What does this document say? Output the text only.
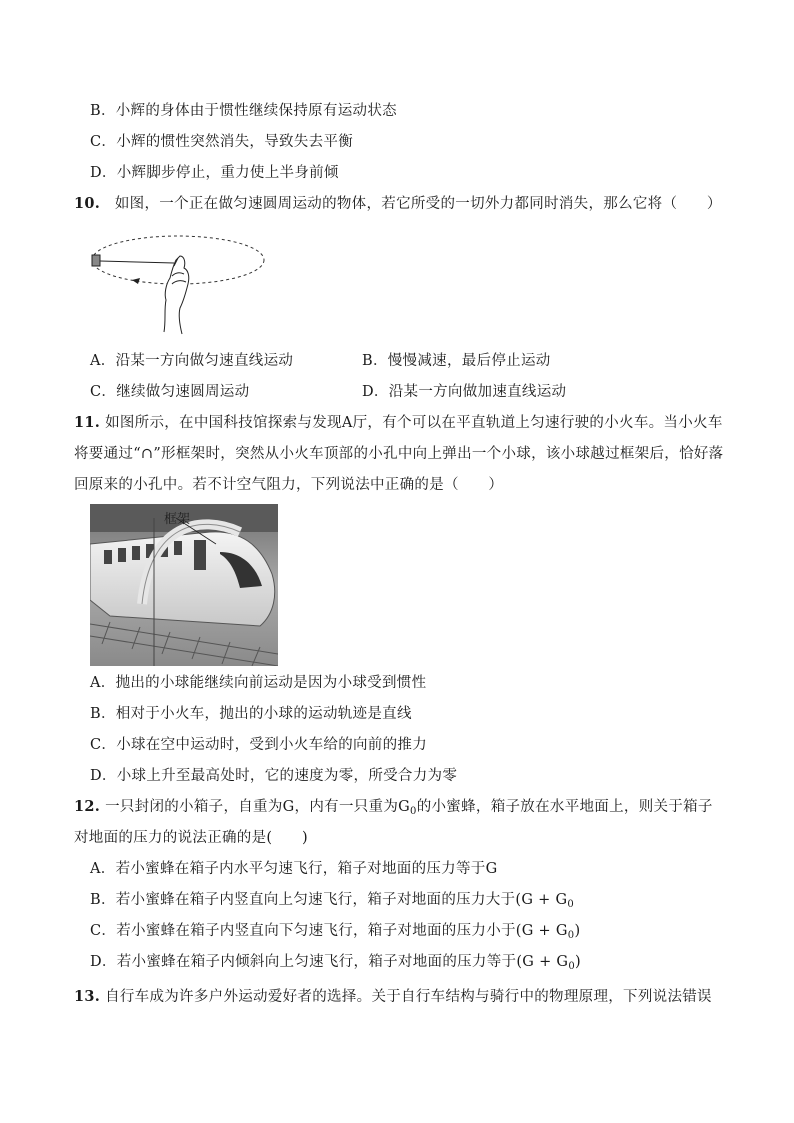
B．小辉的身体由于惯性继续保持原有运动状态
C．小辉的惯性突然消失，导致失去平衡
D．小辉脚步停止，重力使上半身前倾
10. 如图，一个正在做匀速圆周运动的物体，若它所受的一切外力都同时消失，那么它将（　　）
A．沿某一方向做匀速直线运动	B．慢慢减速，最后停止运动
C．继续做匀速圆周运动	D．沿某一方向做加速直线运动
11. 如图所示，在中国科技馆探索与发现A厅，有个可以在平直轨道上匀速行驶的小火车。当小火车
将要通过“∩”形框架时，突然从小火车顶部的小孔中向上弹出一个小球，该小球越过框架后，恰好落
回原来的小孔中。若不计空气阻力，下列说法中正确的是（　　）
框架
A．抛出的小球能继续向前运动是因为小球受到惯性
B．相对于小火车，抛出的小球的运动轨迹是直线
C．小球在空中运动时，受到小火车给的向前的推力
D．小球上升至最高处时，它的速度为零，所受合力为零
12. 一只封闭的小箱子，自重为G，内有一只重为$G_0$的小蜜蜂，箱子放在水平地面上，则关于箱子
对地面的压力的说法正确的是(　　)
A．若小蜜蜂在箱子内水平匀速飞行，箱子对地面的压力等于G
B．若小蜜蜂在箱子内竖直向上匀速飞行，箱子对地面的压力大于($G + G_0$
C．若小蜜蜂在箱子内竖直向下匀速飞行，箱子对地面的压力小于$(G + G_0)$
D．若小蜜蜂在箱子内倾斜向上匀速飞行，箱子对地面的压力等于$(G + G_0)$
13. 自行车成为许多户外运动爱好者的选择。关于自行车结构与骑行中的物理原理，下列说法错误
